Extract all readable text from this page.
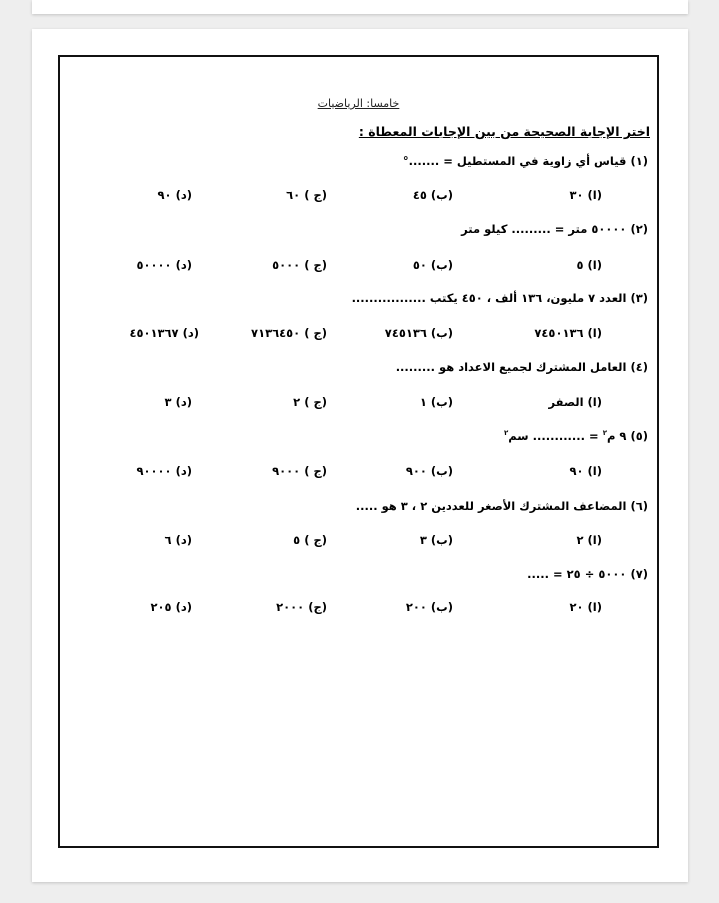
خامسا: الرياضيات
اختر الإجابة الصحيحة من بين الإجابات المعطاة :
(١) قياس أي زاوية في المستطيل = .......°
(ا) ٣٠
(ب) ٤٥
(ج ) ٦٠
(د) ٩٠
(٢) ٥٠٠٠٠ متر = ......... كيلو متر
(ا) ٥
(ب) ٥٠
(ج ) ٥٠٠٠
(د) ٥٠٠٠٠
(٣) العدد ٧ مليون، ١٣٦ ألف ، ٤٥٠ يكتب .................
(ا) ٧٤٥٠١٣٦
(ب) ٧٤٥١٣٦
(ج ) ٧١٣٦٤٥٠
(د) ٤٥٠١٣٦٧
(٤) العامل المشترك لجميع الاعداد هو .........
(ا) الصفر
(ب) ١
(ج ) ٢
(د) ٣
(٥) ٩ م$^٢$ = ............ سم$^٢$
(ا) ٩٠
(ب) ٩٠٠
(ج ) ٩٠٠٠
(د) ٩٠٠٠٠
(٦) المضاعف المشترك الأصغر للعددين ٢ ، ٣ هو .....
(ا) ٢
(ب) ٣
(ج ) ٥
(د) ٦
(٧) ٥٠٠٠ ÷ ٢٥ = .....
(ا) ٢٠
(ب) ٢٠٠
(ج) ٢٠٠٠
(د) ٢٠٥
